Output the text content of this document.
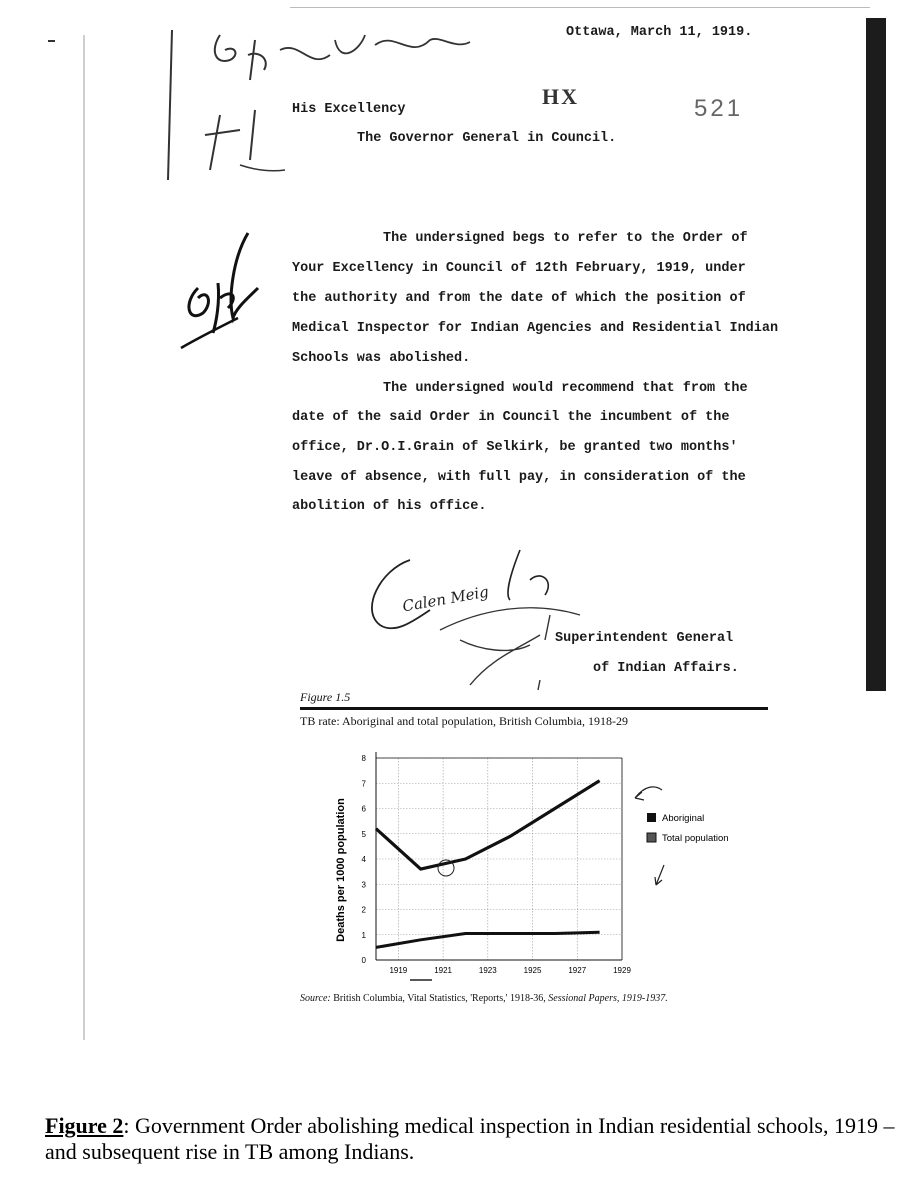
Ottawa, March 11, 1919.
His Excellency
The Governor General in Council.
HX	521
The undersigned begs to refer to the Order of
Your Excellency in Council of 12th February, 1919, under
the authority and from the date of which the position of
Medical Inspector for Indian Agencies and Residential Indian
Schools was abolished.
The undersigned would recommend that from the
date of the said Order in Council the incumbent of the
office, Dr.O.I.Grain of Selkirk, be granted two months'
leave of absence, with full pay, in consideration of the
abolition of his office.
Calen Meig
Superintendent General
of Indian Affairs.
Figure 1.5
TB rate: Aboriginal and total population, British Columbia, 1918-29
0
1
2
3
4
5
6
7
8
1919	1921	1923	1925	1927	1929
Deaths per 1000 population	Aboriginal
Total population
Source: British Columbia, Vital Statistics, 'Reports,' 1918-36, Sessional Papers, 1919-1937.
Figure 2: Government Order abolishing medical inspection in Indian residential schools, 1919 – and subsequent rise in TB among Indians.
